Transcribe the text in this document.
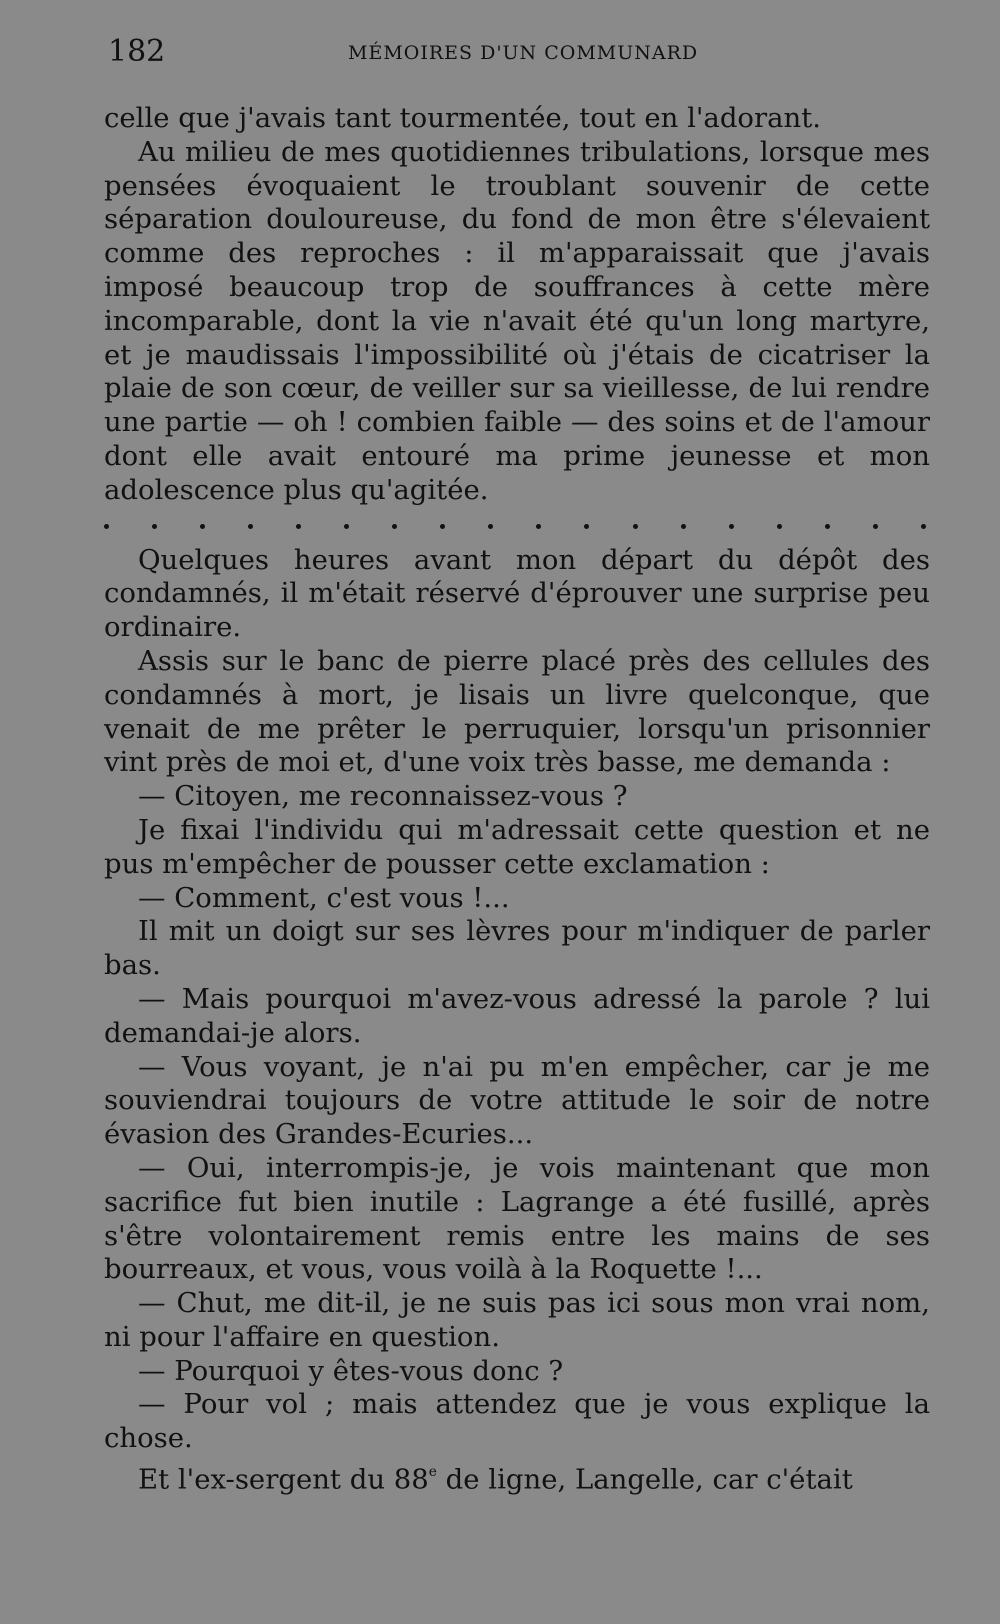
182	MÉMOIRES D'UN COMMUNARD

celle que j'avais tant tourmentée, tout en l'adorant.

Au milieu de mes quotidiennes tribulations, lorsque mes pensées évoquaient le troublant souvenir de cette séparation douloureuse, du fond de mon être s'élevaient comme des reproches : il m'apparaissait que j'avais imposé beaucoup trop de souffrances à cette mère incomparable, dont la vie n'avait été qu'un long martyre, et je maudissais l'impossibilité où j'étais de cicatriser la plaie de son cœur, de veiller sur sa vieillesse, de lui rendre une partie — oh ! combien faible — des soins et de l'amour dont elle avait entouré ma prime jeunesse et mon adolescence plus qu'agitée.

Quelques heures avant mon départ du dépôt des condamnés, il m'était réservé d'éprouver une surprise peu ordinaire.

Assis sur le banc de pierre placé près des cellules des condamnés à mort, je lisais un livre quelconque, que venait de me prêter le perruquier, lorsqu'un prisonnier vint près de moi et, d'une voix très basse, me demanda :

— Citoyen, me reconnaissez-vous ?

Je fixai l'individu qui m'adressait cette question et ne pus m'empêcher de pousser cette exclamation :

— Comment, c'est vous !...

Il mit un doigt sur ses lèvres pour m'indiquer de parler bas.

— Mais pourquoi m'avez-vous adressé la parole ? lui demandai-je alors.

— Vous voyant, je n'ai pu m'en empêcher, car je me souviendrai toujours de votre attitude le soir de notre évasion des Grandes-Ecuries...

— Oui, interrompis-je, je vois maintenant que mon sacrifice fut bien inutile : Lagrange a été fusillé, après s'être volontairement remis entre les mains de ses bourreaux, et vous, vous voilà à la Roquette !...

— Chut, me dit-il, je ne suis pas ici sous mon vrai nom, ni pour l'affaire en question.

— Pourquoi y êtes-vous donc ?

— Pour vol ; mais attendez que je vous explique la chose.

Et l'ex-sergent du 88e de ligne, Langelle, car c'était
